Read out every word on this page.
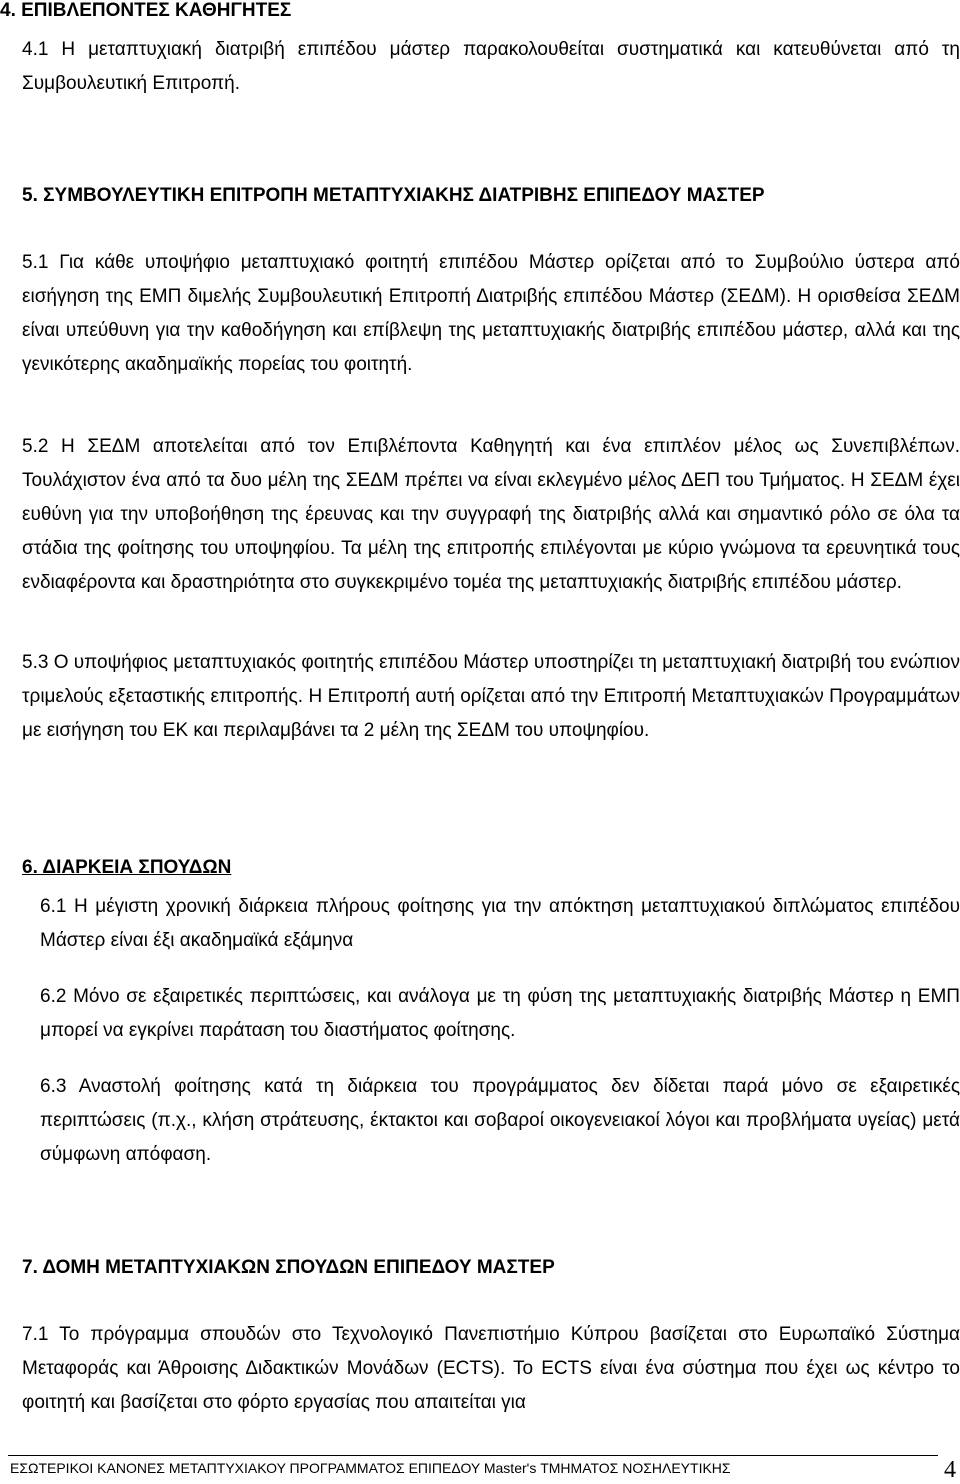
4. ΕΠΙΒΛΕΠΟΝΤΕΣ ΚΑΘΗΓΗΤΕΣ

4.1 Η μεταπτυχιακή διατριβή επιπέδου μάστερ παρακολουθείται συστηματικά και κατευθύνεται από τη Συμβουλευτική Επιτροπή.

5. ΣΥΜΒΟΥΛΕΥΤΙΚΗ ΕΠΙΤΡΟΠΗ ΜΕΤΑΠΤΥΧΙΑΚΗΣ ΔΙΑΤΡΙΒΗΣ ΕΠΙΠΕΔΟΥ ΜΑΣΤΕΡ

5.1 Για κάθε υποψήφιο μεταπτυχιακό φοιτητή επιπέδου Μάστερ ορίζεται από το Συμβούλιο ύστερα από εισήγηση της ΕΜΠ διμελής Συμβουλευτική Επιτροπή Διατριβής επιπέδου Μάστερ (ΣΕΔΜ). Η ορισθείσα ΣΕΔΜ είναι υπεύθυνη για την καθοδήγηση και επίβλεψη της μεταπτυχιακής διατριβής επιπέδου μάστερ, αλλά και της γενικότερης ακαδημαϊκής πορείας του φοιτητή.

5.2 Η ΣΕΔΜ αποτελείται από τον Επιβλέποντα Καθηγητή και ένα επιπλέον μέλος ως Συνεπιβλέπων. Τουλάχιστον ένα από τα δυο μέλη της ΣΕΔΜ πρέπει να είναι εκλεγμένο μέλος ΔΕΠ του Τμήματος. Η ΣΕΔΜ έχει ευθύνη για την υποβοήθηση της έρευνας και την συγγραφή της διατριβής αλλά και σημαντικό ρόλο σε όλα τα στάδια της φοίτησης του υποψηφίου. Τα μέλη της επιτροπής επιλέγονται με κύριο γνώμονα τα ερευνητικά τους ενδιαφέροντα και δραστηριότητα στο συγκεκριμένο τομέα της μεταπτυχιακής διατριβής επιπέδου μάστερ.

5.3 Ο υποψήφιος μεταπτυχιακός φοιτητής επιπέδου Μάστερ υποστηρίζει τη μεταπτυχιακή διατριβή του ενώπιον τριμελούς εξεταστικής επιτροπής. Η Επιτροπή αυτή ορίζεται από την Επιτροπή Μεταπτυχιακών Προγραμμάτων με εισήγηση του ΕΚ και περιλαμβάνει τα 2 μέλη της ΣΕΔΜ του υποψηφίου.

6. ΔΙΑΡΚΕΙΑ ΣΠΟΥΔΩΝ

6.1 Η μέγιστη χρονική διάρκεια πλήρους φοίτησης για την απόκτηση μεταπτυχιακού διπλώματος επιπέδου Μάστερ είναι έξι ακαδημαϊκά εξάμηνα

6.2 Μόνο σε εξαιρετικές περιπτώσεις, και ανάλογα με τη φύση της μεταπτυχιακής διατριβής Μάστερ η ΕΜΠ μπορεί να εγκρίνει παράταση του διαστήματος φοίτησης.

6.3 Αναστολή φοίτησης κατά τη διάρκεια του προγράμματος δεν δίδεται παρά μόνο σε εξαιρετικές περιπτώσεις (π.χ., κλήση στράτευσης, έκτακτοι και σοβαροί οικογενειακοί λόγοι και προβλήματα υγείας) μετά σύμφωνη απόφαση.

7. ΔΟΜΗ ΜΕΤΑΠΤΥΧΙΑΚΩΝ ΣΠΟΥΔΩΝ ΕΠΙΠΕΔΟΥ ΜΑΣΤΕΡ

7.1 Το πρόγραμμα σπουδών στο Τεχνολογικό Πανεπιστήμιο Κύπρου βασίζεται στο Ευρωπαϊκό Σύστημα Μεταφοράς και Άθροισης Διδακτικών Μονάδων (ECTS). Το ECTS είναι ένα σύστημα που έχει ως κέντρο το φοιτητή και βασίζεται στο φόρτο εργασίας που απαιτείται για

ΕΣΩΤΕΡΙΚΟΙ ΚΑΝΟΝΕΣ ΜΕΤΑΠΤΥΧΙΑΚΟΥ ΠΡΟΓΡΑΜΜΑΤΟΣ ΕΠΙΠΕΔΟΥ Master's ΤΜΗΜΑΤΟΣ ΝΟΣΗΛΕΥΤΙΚΗΣ	4
